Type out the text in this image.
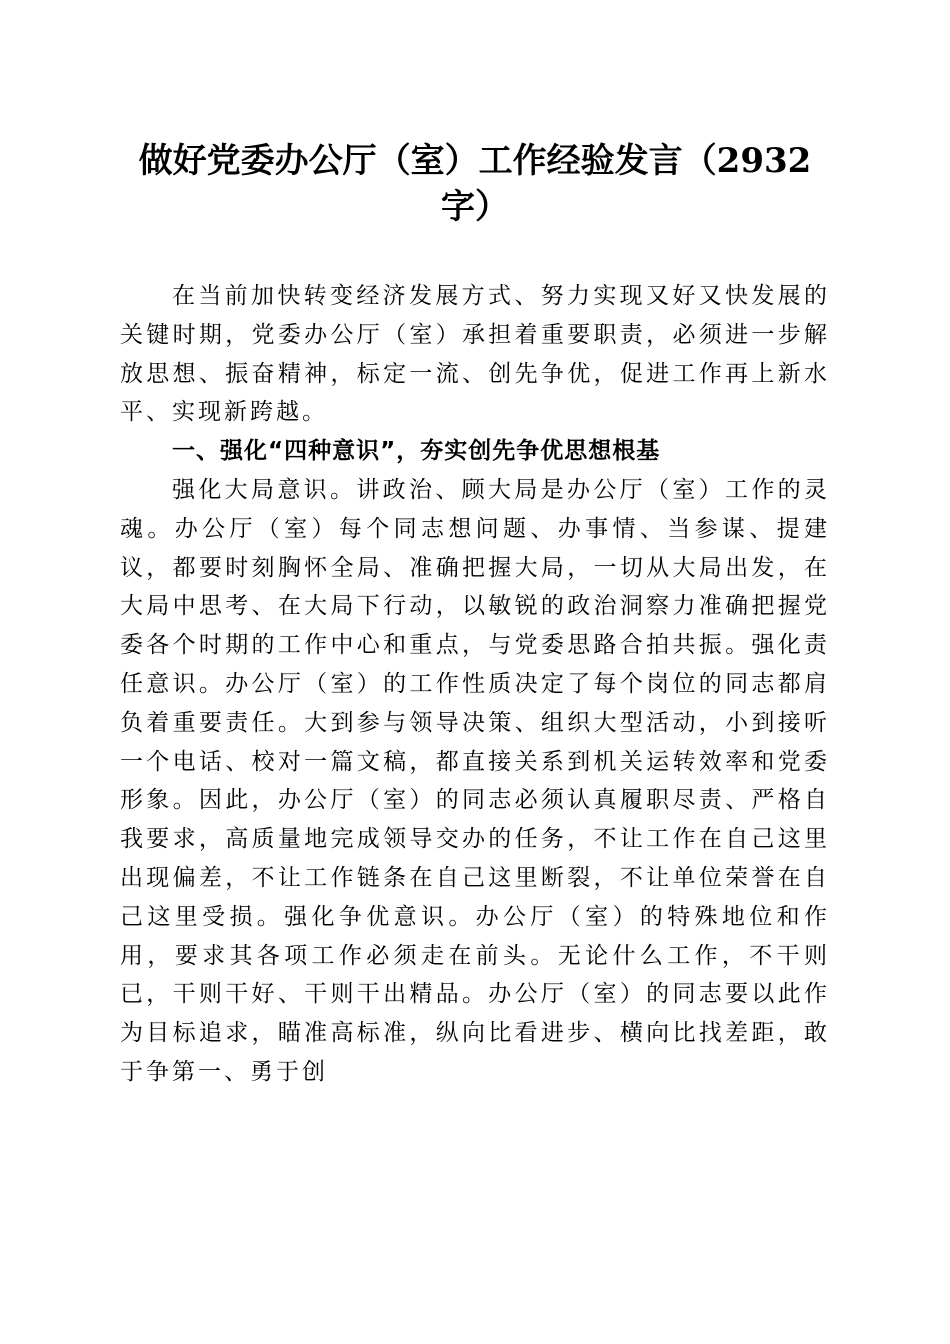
做好党委办公厅（室）工作经验发言（2932字）

在当前加快转变经济发展方式、努力实现又好又快发展的关键时期，党委办公厅（室）承担着重要职责，必须进一步解放思想、振奋精神，标定一流、创先争优，促进工作再上新水平、实现新跨越。

一、强化“四种意识”，夯实创先争优思想根基

强化大局意识。讲政治、顾大局是办公厅（室）工作的灵魂。办公厅（室）每个同志想问题、办事情、当参谋、提建议，都要时刻胸怀全局、准确把握大局，一切从大局出发，在大局中思考、在大局下行动，以敏锐的政治洞察力准确把握党委各个时期的工作中心和重点，与党委思路合拍共振。强化责任意识。办公厅（室）的工作性质决定了每个岗位的同志都肩负着重要责任。大到参与领导决策、组织大型活动，小到接听一个电话、校对一篇文稿，都直接关系到机关运转效率和党委形象。因此，办公厅（室）的同志必须认真履职尽责、严格自我要求，高质量地完成领导交办的任务，不让工作在自己这里出现偏差，不让工作链条在自己这里断裂，不让单位荣誉在自己这里受损。强化争优意识。办公厅（室）的特殊地位和作用，要求其各项工作必须走在前头。无论什么工作，不干则已，干则干好、干则干出精品。办公厅（室）的同志要以此作为目标追求，瞄准高标准，纵向比看进步、横向比找差距，敢于争第一、勇于创
